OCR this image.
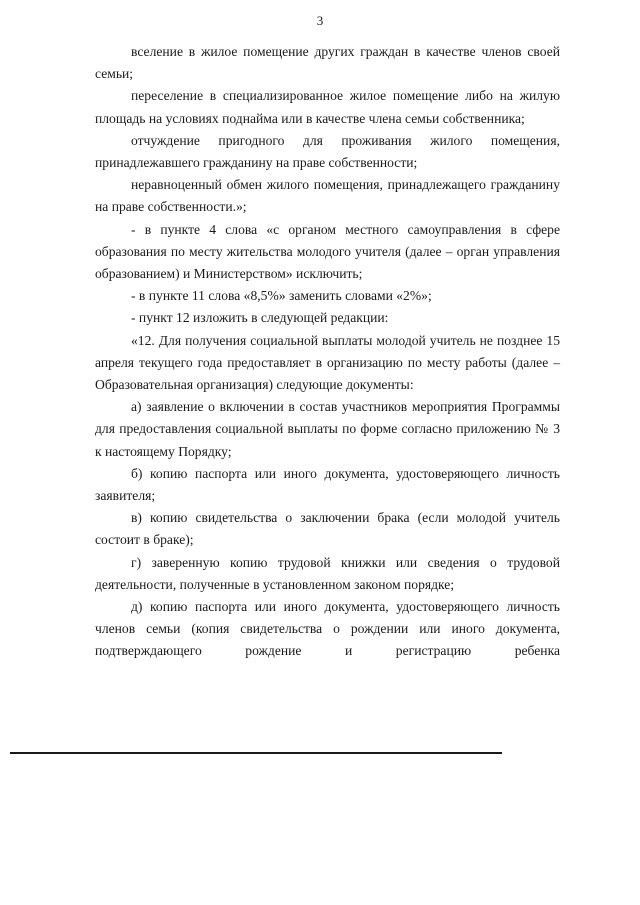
3

вселение в жилое помещение других граждан в качестве членов своей семьи;

переселение в специализированное жилое помещение либо на жилую площадь на условиях поднайма или в качестве члена семьи собственника;

отчуждение пригодного для проживания жилого помещения, принадлежавшего гражданину на праве собственности;

неравноценный обмен жилого помещения, принадлежащего гражданину на праве собственности.»;

- в пункте 4 слова «с органом местного самоуправления в сфере образования по месту жительства молодого учителя (далее – орган управления образованием) и Министерством» исключить;

- в пункте 11 слова «8,5%» заменить словами «2%»;

- пункт 12 изложить в следующей редакции:

«12. Для получения социальной выплаты молодой учитель не позднее 15 апреля текущего года предоставляет в организацию по месту работы (далее – Образовательная организация) следующие документы:

а) заявление о включении в состав участников мероприятия Программы для предоставления социальной выплаты по форме согласно приложению № 3 к настоящему Порядку;

б) копию паспорта или иного документа, удостоверяющего личность заявителя;

в) копию свидетельства о заключении брака (если молодой учитель состоит в браке);

г) заверенную копию трудовой книжки или сведения о трудовой деятельности, полученные в установленном законом порядке;

д) копию паспорта или иного документа, удостоверяющего личность членов семьи (копия свидетельства о рождении или иного документа, подтверждающего рождение и регистрацию ребенка
